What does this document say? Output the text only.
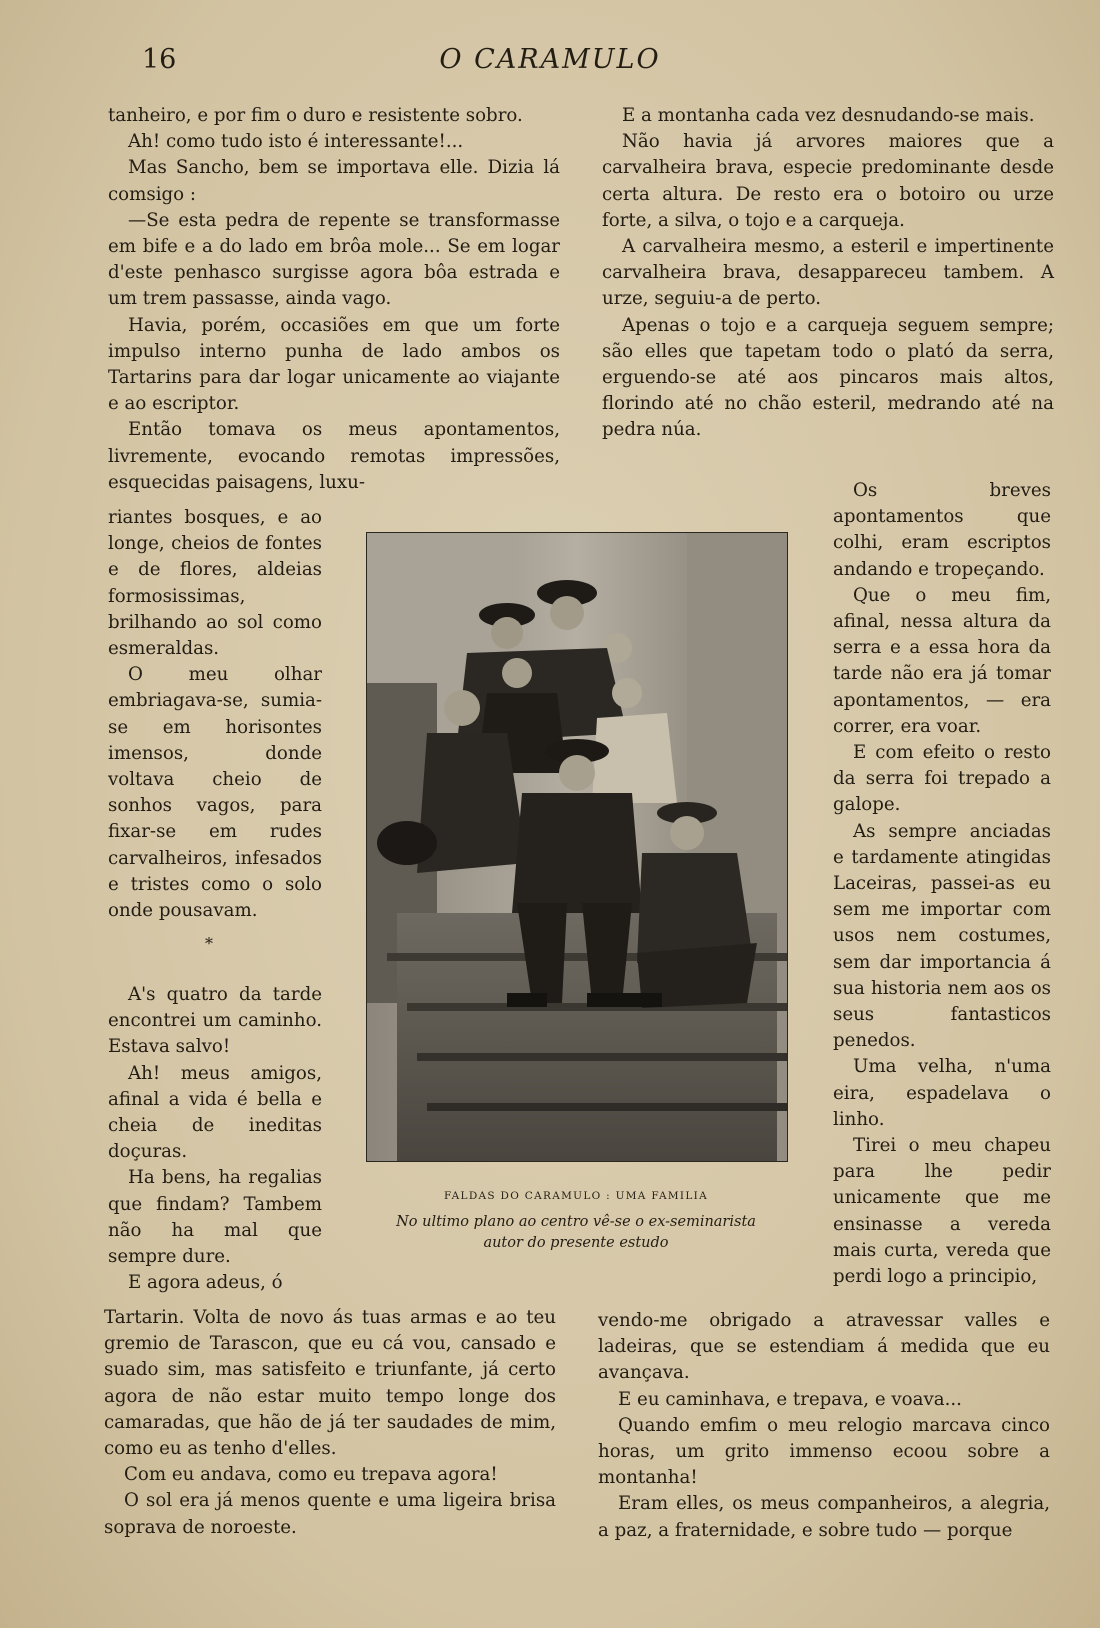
16	O CARAMULO

tanheiro, e por fim o duro e resistente sobro.

Ah! como tudo isto é interessante!...

Mas Sancho, bem se importava elle. Dizia lá comsigo :

—Se esta pedra de repente se transformasse em bife e a do lado em brôa mole... Se em logar d'este penhasco surgisse agora bôa estrada e um trem passasse, ainda vago.

Havia, porém, occasiões em que um forte impulso interno punha de lado ambos os Tartarins para dar logar unicamente ao viajante e ao escriptor.

Então tomava os meus apontamentos, livremente, evocando remotas impressões, esquecidas paisagens, luxu-

riantes bosques, e ao longe, cheios de fontes e de flores, aldeias formosissimas, brilhando ao sol como esmeraldas.

O meu olhar embriagava-se, sumia-se em horisontes imensos, donde voltava cheio de sonhos vagos, para fixar-se em rudes carvalheiros, infesados e tristes como o solo onde pousavam.

*

A's quatro da tarde encontrei um caminho. Estava salvo!

Ah! meus amigos, afinal a vida é bella e cheia de ineditas doçuras.

Ha bens, ha regalias que findam? Tambem não ha mal que sempre dure.

E agora adeus, ó

Tartarin. Volta de novo ás tuas armas e ao teu gremio de Tarascon, que eu cá vou, cansado e suado sim, mas satisfeito e triunfante, já certo agora de não estar muito tempo longe dos camaradas, que hão de já ter saudades de mim, como eu as tenho d'elles.

Com eu andava, como eu trepava agora!

O sol era já menos quente e uma ligeira brisa soprava de noroeste.

E a montanha cada vez desnudando-se mais.

Não havia já arvores maiores que a carvalheira brava, especie predominante desde certa altura. De resto era o botoiro ou urze forte, a silva, o tojo e a carqueja.

A carvalheira mesmo, a esteril e impertinente carvalheira brava, desappareceu tambem. A urze, seguiu-a de perto.

Apenas o tojo e a carqueja seguem sempre; são elles que tapetam todo o plató da serra, erguendo-se até aos pincaros mais altos, florindo até no chão esteril, medrando até na pedra núa.

Os breves apontamentos que colhi, eram escriptos andando e tropeçando.

Que o meu fim, afinal, nessa altura da serra e a essa hora da tarde não era já tomar apontamentos, — era correr, era voar.

E com efeito o resto da serra foi trepado a galope.

As sempre anciadas e tardamente atingidas Laceiras, passei-as eu sem me importar com usos nem costumes, sem dar importancia á sua historia nem aos os seus fantasticos penedos.

Uma velha, n'uma eira, espadelava o linho.

Tirei o meu chapeu para lhe pedir unicamente que me ensinasse a vereda mais curta, vereda que perdi logo a principio,

vendo-me obrigado a atravessar valles e ladeiras, que se estendiam á medida que eu avançava.

E eu caminhava, e trepava, e voava...

Quando emfim o meu relogio marcava cinco horas, um grito immenso ecoou sobre a montanha!

Eram elles, os meus companheiros, a alegria, a paz, a fraternidade, e sobre tudo — porque

FALDAS DO CARAMULO : UMA FAMILIA
No ultimo plano ao centro vê-se o ex-seminarista
autor do presente estudo
